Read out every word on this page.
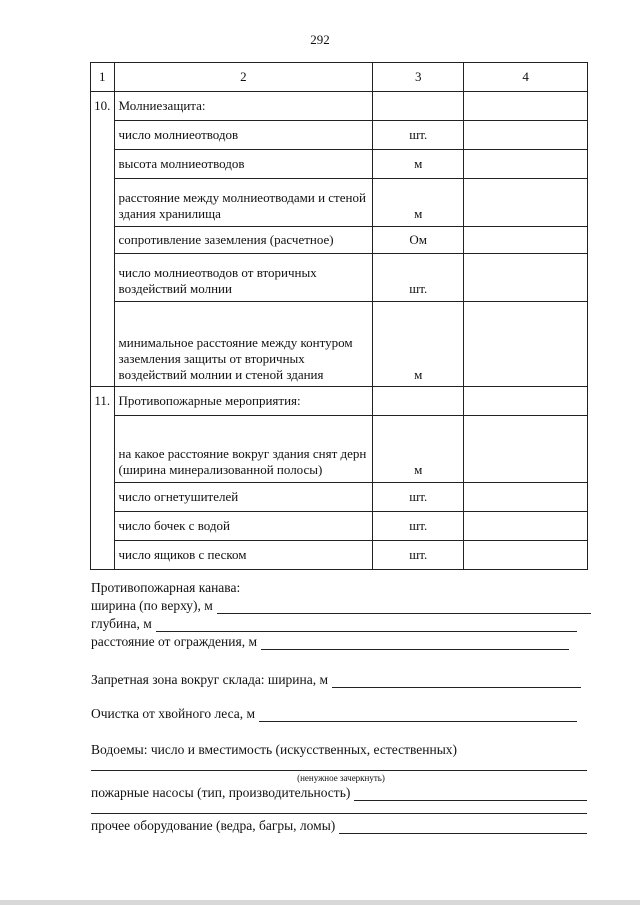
292
1	2	3	4
10.	Молниезащита:		
	число молниеотводов	шт.	
	высота молниеотводов	м	
	расстояние между молниеотводами и стеной здания хранилища	м	
	сопротивление заземления (расчетное)	Ом	
	число молниеотводов от вторичных воздействий молнии	шт.	
	минимальное расстояние между контуром заземления защиты от вторичных воздействий молнии и стеной здания	м	
11.	Противопожарные мероприятия:		
	на какое расстояние вокруг здания снят дерн (ширина минерализованной полосы)	м	
	число огнетушителей	шт.	
	число бочек с водой	шт.	
	число ящиков с песком	шт.	
Противопожарная канава:
ширина (по верху), м
глубина, м
расстояние от ограждения, м
Запретная зона вокруг склада: ширина, м
Очистка от хвойного леса, м
Водоемы: число и вместимость (искусственных, естественных)
(ненужное зачеркнуть)
пожарные насосы (тип, производительность)
прочее оборудование (ведра, багры, ломы)
